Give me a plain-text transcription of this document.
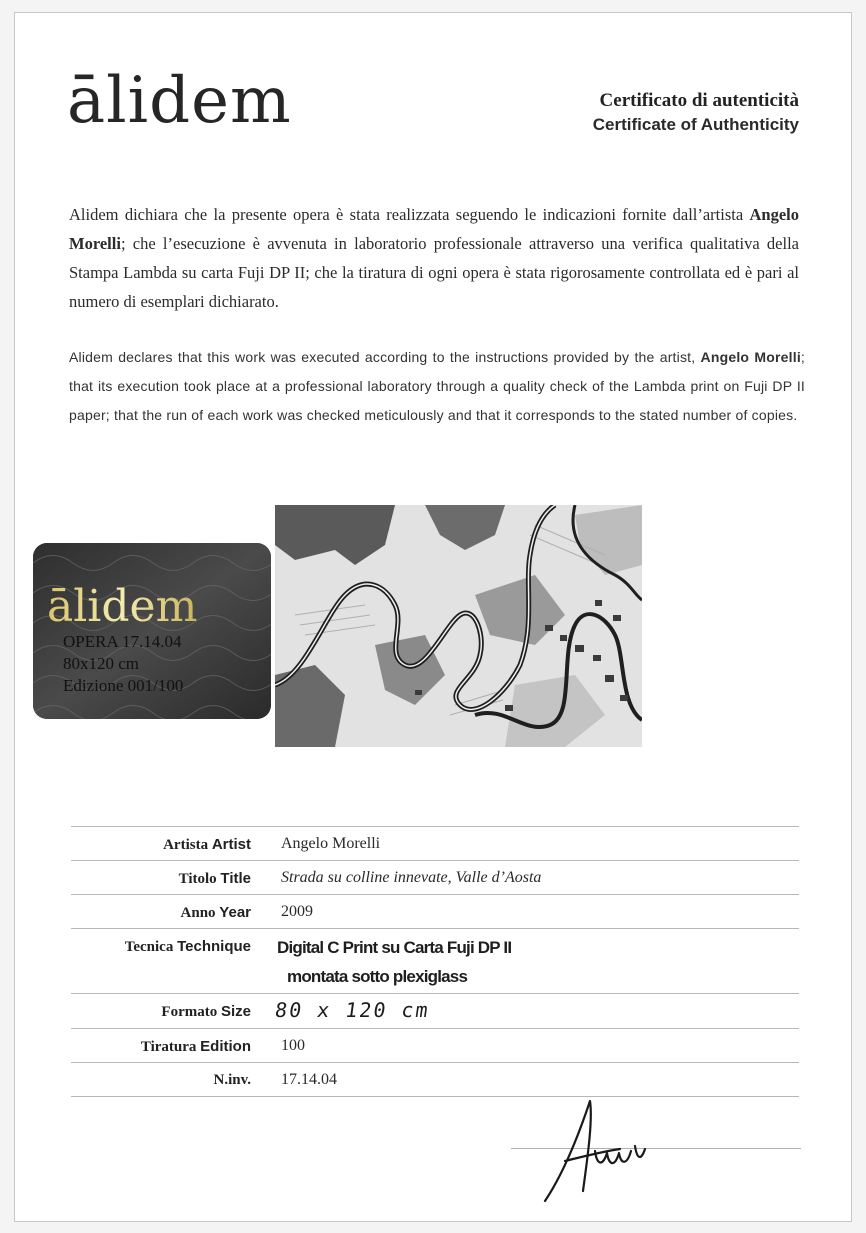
ālidem	Certificato di autenticità
Certificate of Authenticity

Alidem dichiara che la presente opera è stata realizzata seguendo le indicazioni fornite dall’artista Angelo Morelli; che l’esecuzione è avvenuta in laboratorio professionale attraverso una verifica qualitativa della Stampa Lambda su carta Fuji DP II; che la tiratura di ogni opera è stata rigorosamente controllata ed è pari al numero di esemplari dichiarato.

Alidem declares that this work was executed according to the instructions provided by the artist, Angelo Morelli; that its execution took place at a professional laboratory through a quality check of the Lambda print on Fuji DP II paper; that the run of each work was checked meticulously and that it corresponds to the stated number of copies.

ālidem
OPERA 17.14.04
80x120 cm
Edizione 001/100
Artista Artist Angelo Morelli
Titolo Title Strada su colline innevate, Valle d’Aosta
Anno Year 2009
Tecnica Technique Digital C Print su Carta Fuji DP II
montata sotto plexiglass
Formato Size 80 x 120 cm
Tiratura Edition 100
N.inv. 17.14.04
